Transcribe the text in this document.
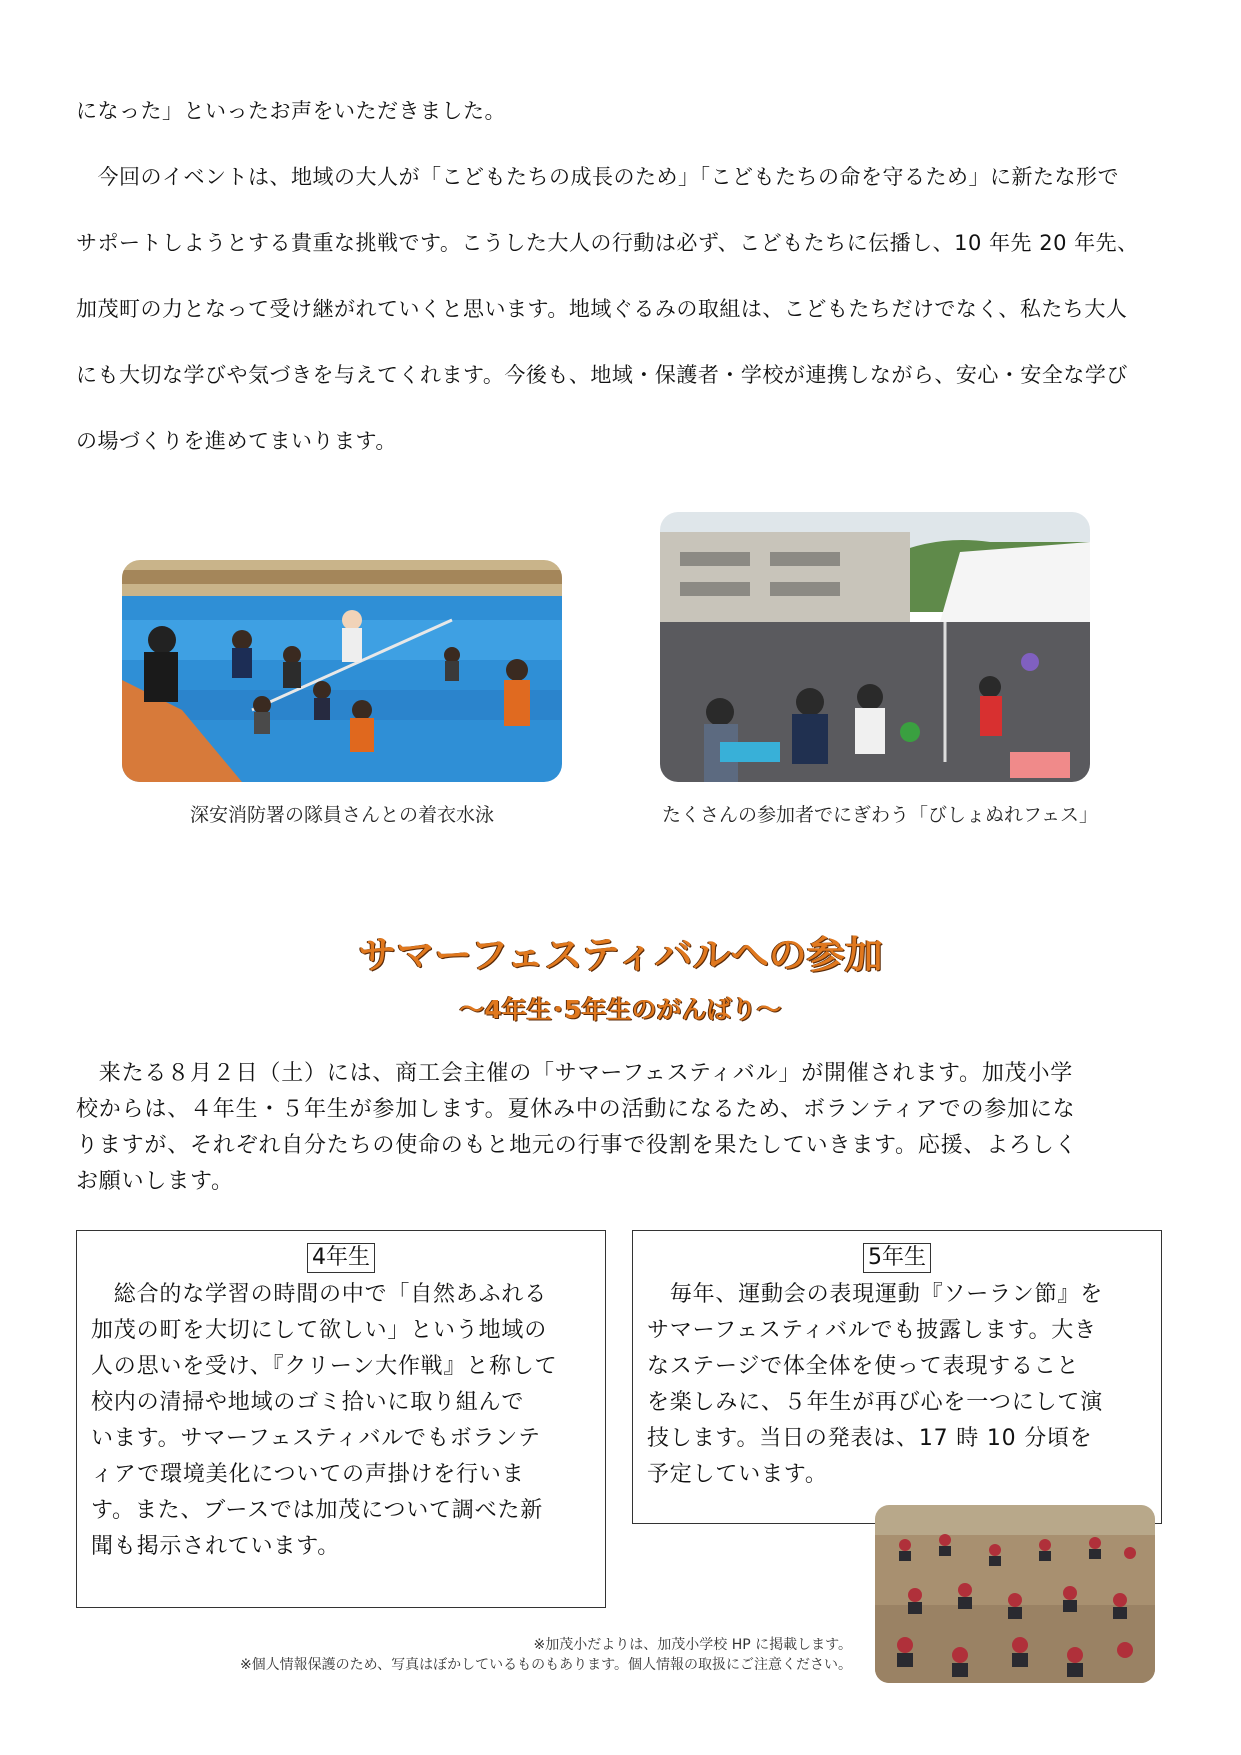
になった」といったお声をいただきました。
　今回のイベントは、地域の大人が「こどもたちの成長のため」「こどもたちの命を守るため」に新たな形で
サポートしようとする貴重な挑戦です。こうした大人の行動は必ず、こどもたちに伝播し、10 年先 20 年先、
加茂町の力となって受け継がれていくと思います。地域ぐるみの取組は、こどもたちだけでなく、私たち大人
にも大切な学びや気づきを与えてくれます。今後も、地域・保護者・学校が連携しながら、安心・安全な学び
の場づくりを進めてまいります。
深安消防署の隊員さんとの着衣水泳	たくさんの参加者でにぎわう「びしょぬれフェス」
サマーフェスティバルへの参加
～4年生･5年生のがんばり～
　来たる８月２日（土）には、商工会主催の「サマーフェスティバル」が開催されます。加茂小学
校からは、４年生・５年生が参加します。夏休み中の活動になるため、ボランティアでの参加にな
りますが、それぞれ自分たちの使命のもと地元の行事で役割を果たしていきます。応援、よろしく
お願いします。
4年生
　総合的な学習の時間の中で「自然あふれる
加茂の町を大切にして欲しい」という地域の
人の思いを受け、『クリーン大作戦』と称して
校内の清掃や地域のゴミ拾いに取り組んで
います。サマーフェスティバルでもボランテ
ィアで環境美化についての声掛けを行いま
す。また、ブースでは加茂について調べた新
聞も掲示されています。
5年生
　毎年、運動会の表現運動『ソーラン節』を
サマーフェスティバルでも披露します。大き
なステージで体全体を使って表現すること
を楽しみに、５年生が再び心を一つにして演
技します。当日の発表は、17 時 10 分頃を
予定しています。
※加茂小だよりは、加茂小学校 HP に掲載します。
※個人情報保護のため、写真はぼかしているものもあります。個人情報の取扱にご注意ください。
